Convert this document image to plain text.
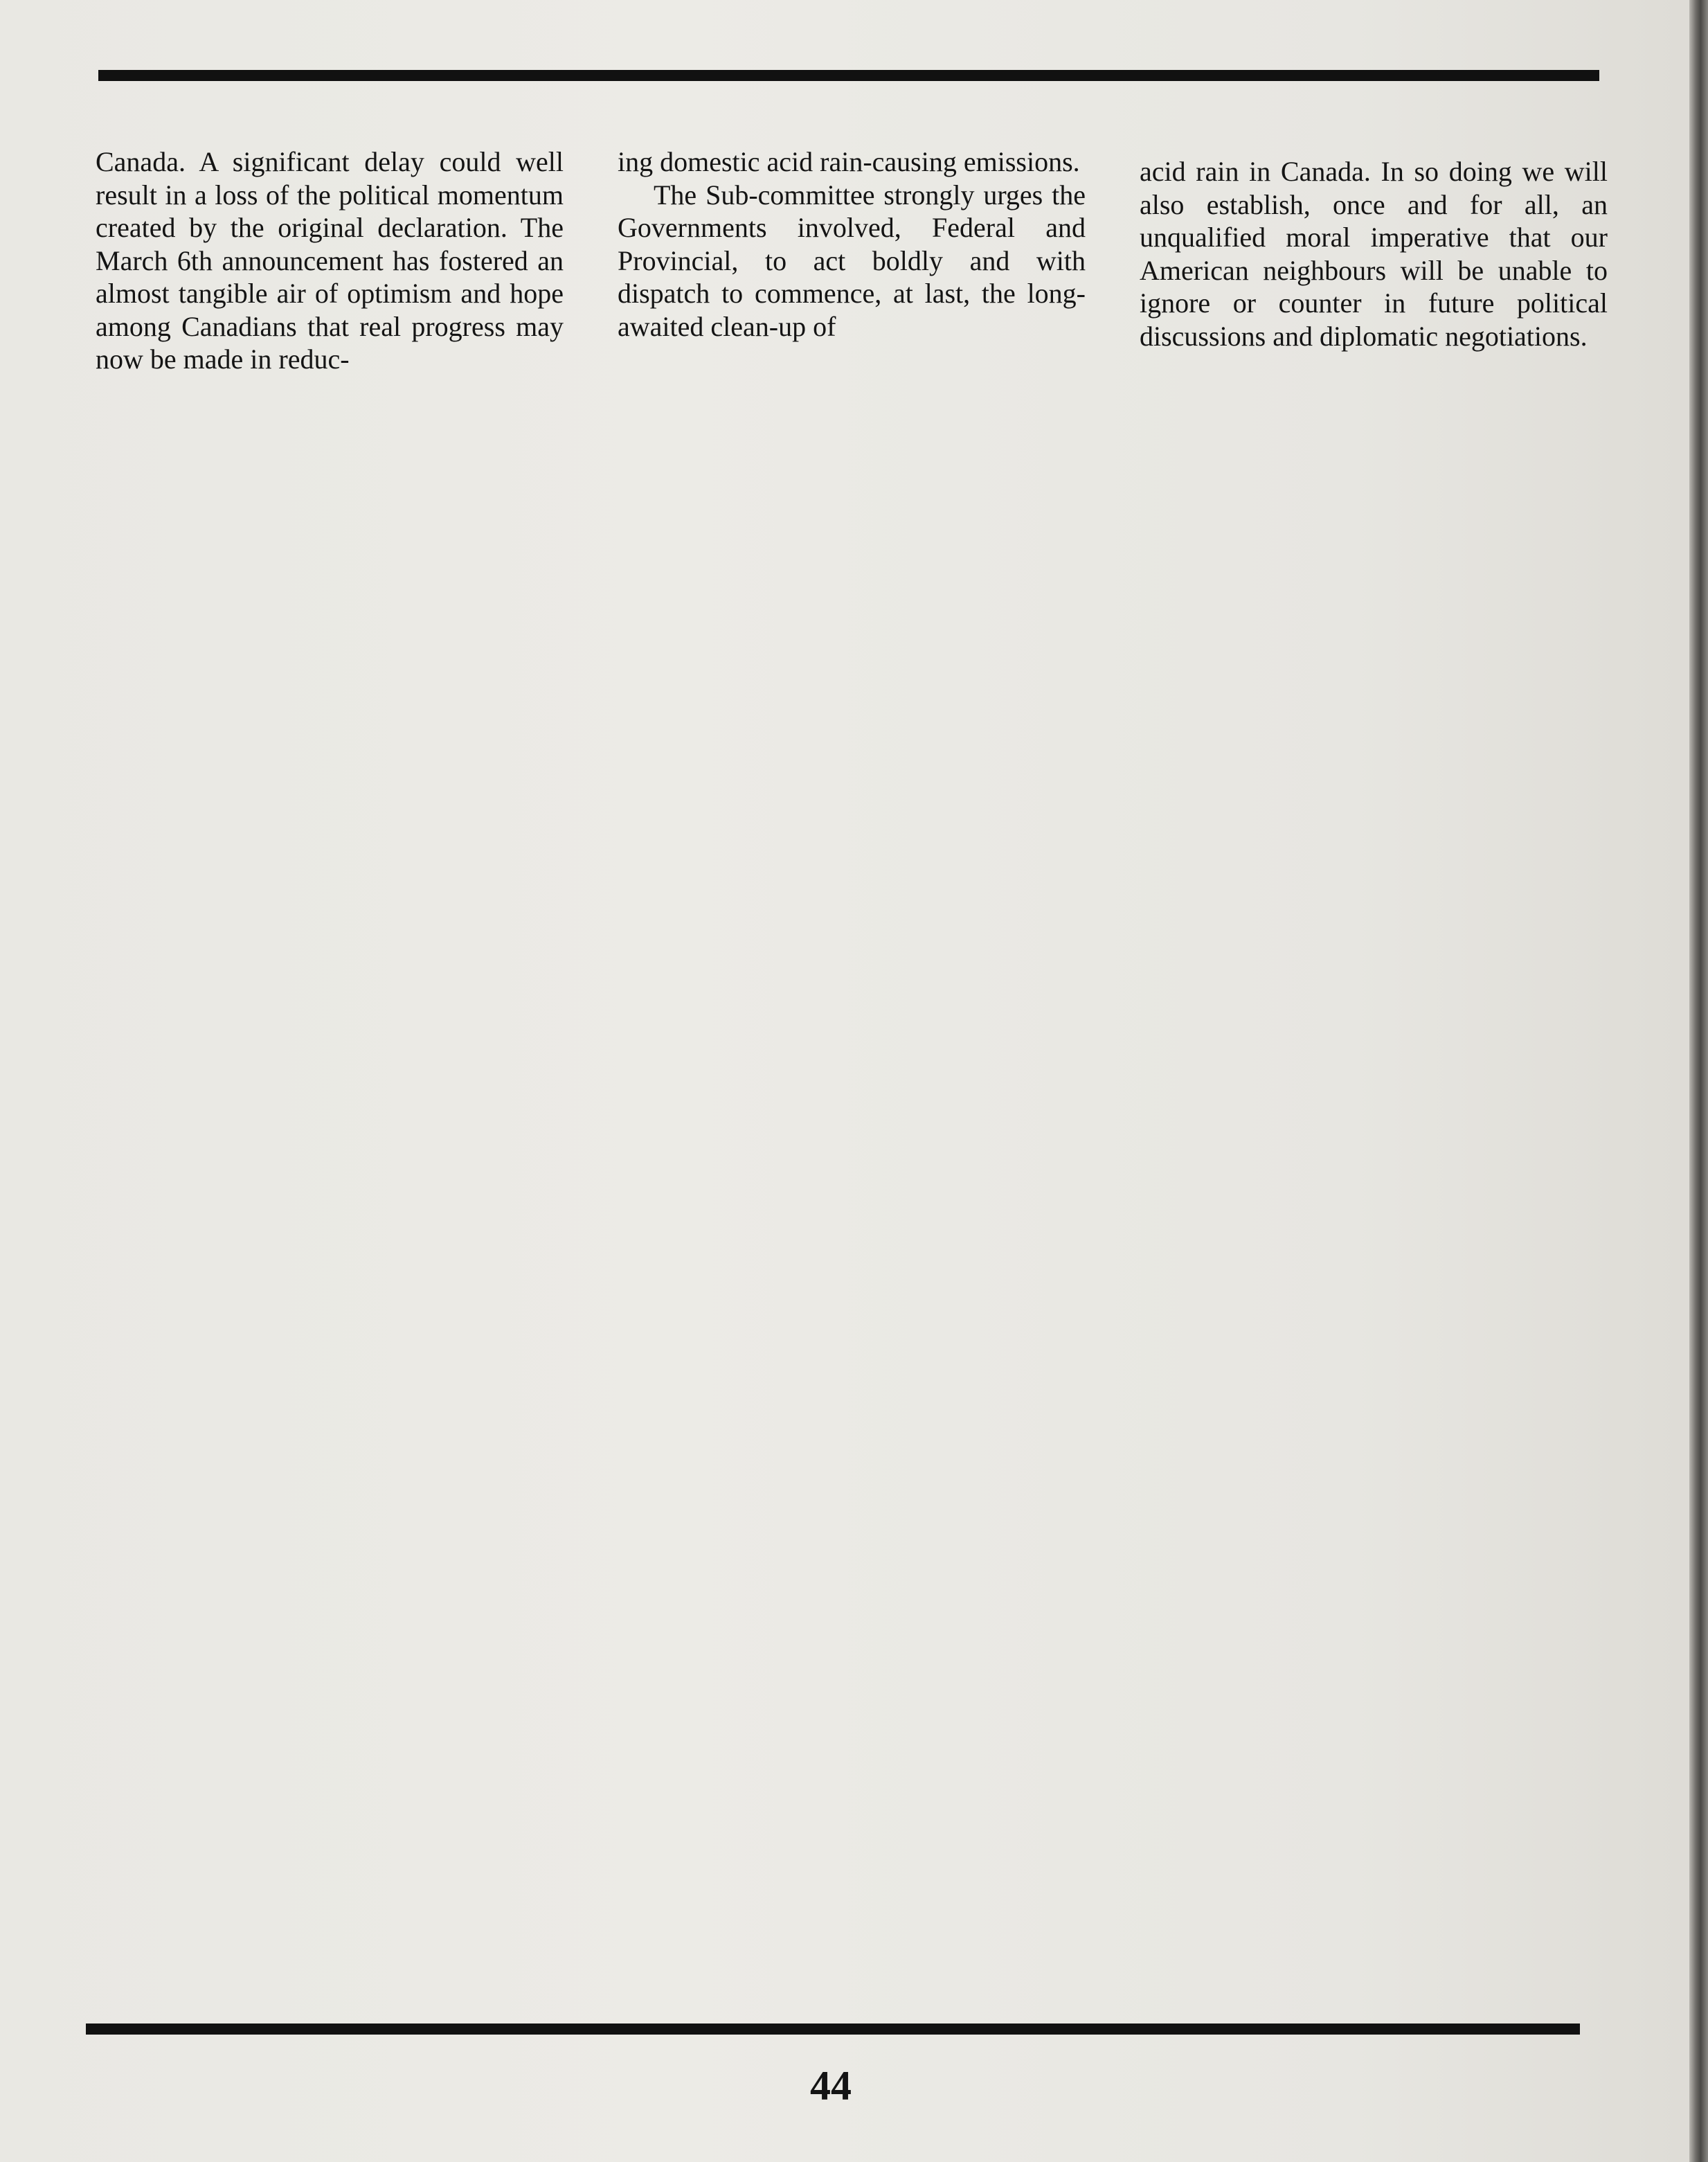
Canada. A significant delay could well result in a loss of the political momentum created by the original declaration. The March 6th announcement has fostered an almost tangible air of optimism and hope among Canadians that real progress may now be made in reduc-

ing domestic acid rain-causing emissions.

The Sub-committee strongly urges the Governments involved, Federal and Provincial, to act boldly and with dispatch to commence, at last, the long-awaited clean-up of

acid rain in Canada. In so doing we will also establish, once and for all, an unqualified moral imperative that our American neighbours will be unable to ignore or counter in future political discussions and diplomatic negotiations.

44
